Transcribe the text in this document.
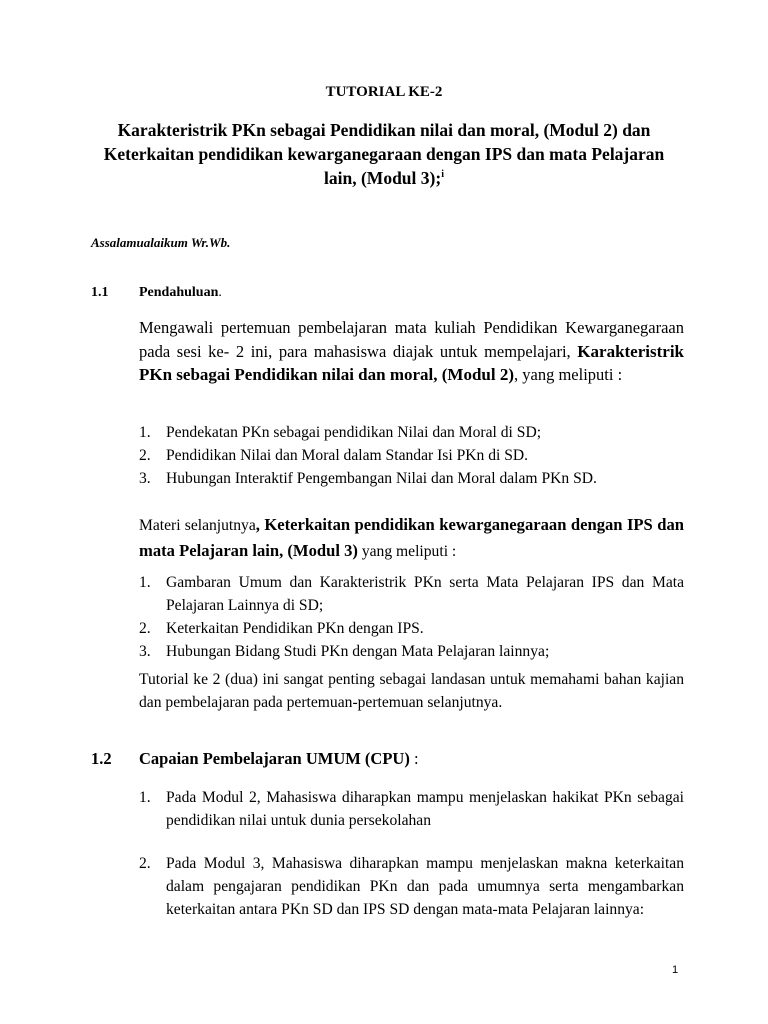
TUTORIAL KE-2
Karakteristrik PKn sebagai Pendidikan nilai dan moral, (Modul 2) dan Keterkaitan pendidikan kewarganegaraan dengan IPS dan mata Pelajaran lain, (Modul 3);$^i$
Assalamualaikum Wr.Wb.
1.1 Pendahuluan.
Mengawali pertemuan pembelajaran mata kuliah Pendidikan Kewarganegaraan pada sesi ke- 2 ini, para mahasiswa diajak untuk mempelajari, Karakteristrik PKn sebagai Pendidikan nilai dan moral, (Modul 2), yang meliputi :
1. Pendekatan PKn sebagai pendidikan Nilai dan Moral di SD;
2. Pendidikan Nilai dan Moral dalam Standar Isi PKn di SD.
3. Hubungan Interaktif Pengembangan Nilai dan Moral dalam PKn SD.
Materi selanjutnya, Keterkaitan pendidikan kewarganegaraan dengan IPS dan mata Pelajaran lain, (Modul 3) yang meliputi :
1. Gambaran Umum dan Karakteristrik PKn serta Mata Pelajaran IPS dan Mata Pelajaran Lainnya di SD;
2. Keterkaitan Pendidikan PKn dengan IPS.
3. Hubungan Bidang Studi PKn dengan Mata Pelajaran lainnya;
Tutorial ke 2 (dua) ini sangat penting sebagai landasan untuk memahami bahan kajian dan pembelajaran pada pertemuan-pertemuan selanjutnya.
1.2 Capaian Pembelajaran UMUM (CPU) :
1. Pada Modul 2, Mahasiswa diharapkan mampu menjelaskan hakikat PKn sebagai pendidikan nilai untuk dunia persekolahan
2. Pada Modul 3, Mahasiswa diharapkan mampu menjelaskan makna keterkaitan dalam pengajaran pendidikan PKn dan pada umumnya serta mengambarkan keterkaitan antara PKn SD dan IPS SD dengan mata-mata Pelajaran lainnya:
1
